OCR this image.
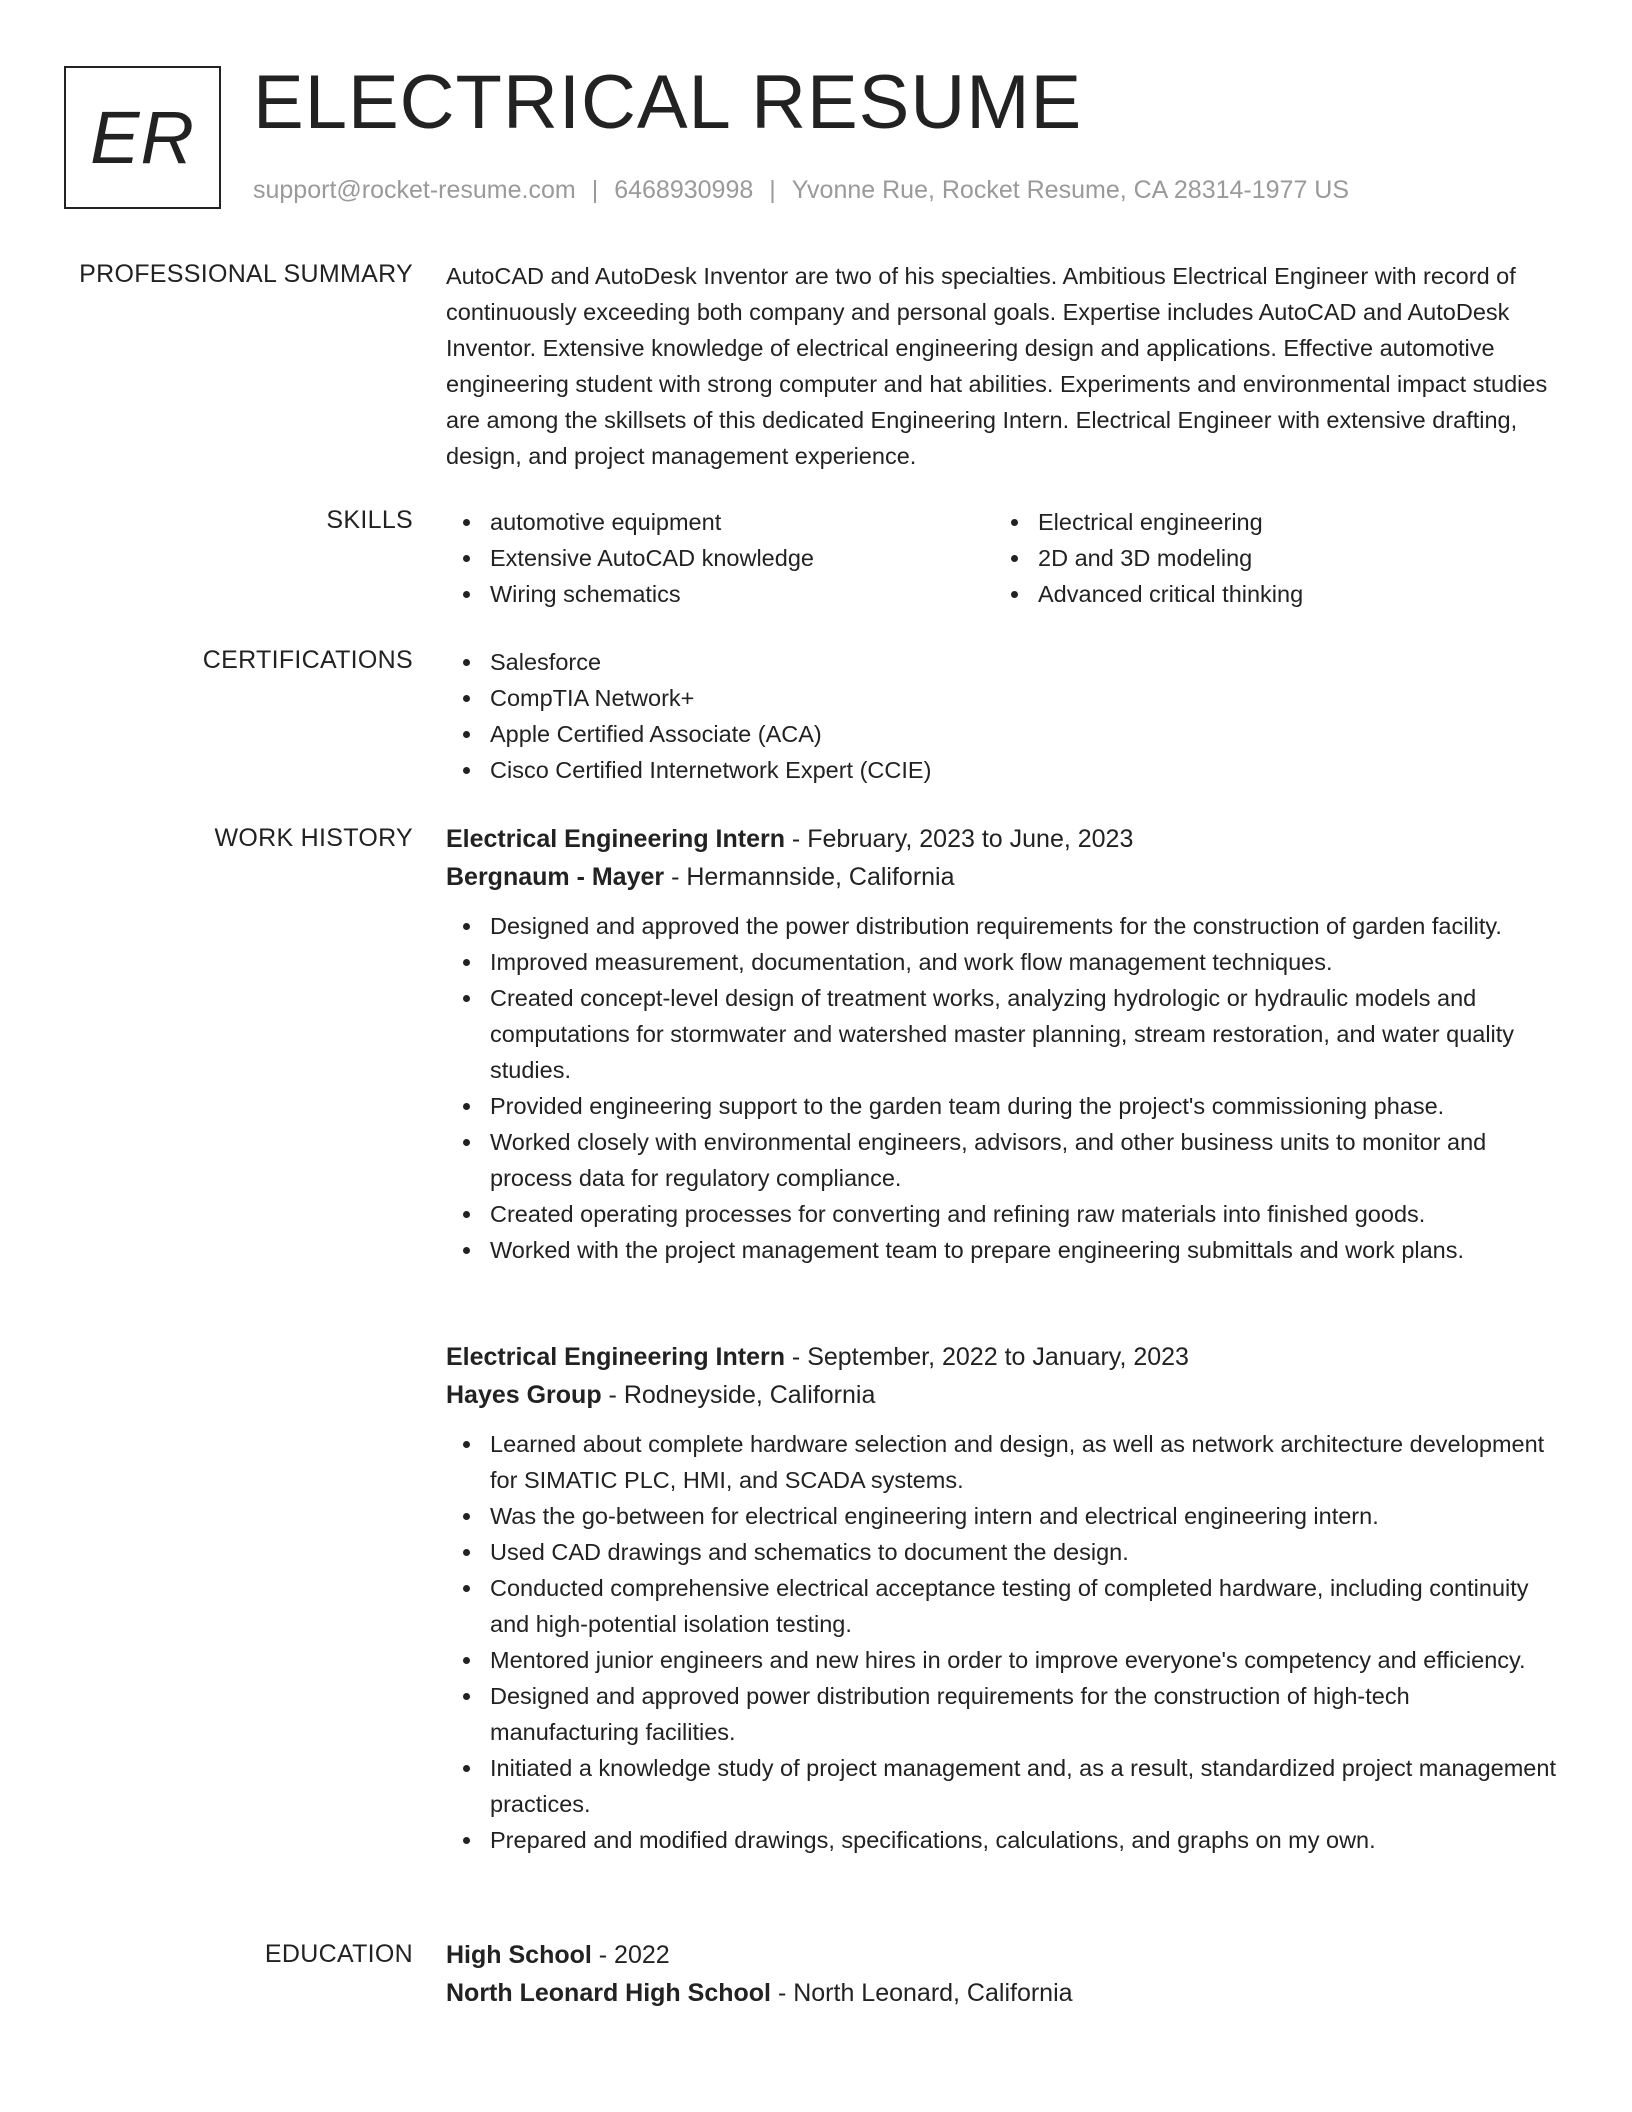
ER ELECTRICAL RESUME
support@rocket-resume.com | 6468930998 | Yvonne Rue, Rocket Resume, CA 28314-1977 US
PROFESSIONAL SUMMARY AutoCAD and AutoDesk Inventor are two of his specialties. Ambitious Electrical Engineer with record of continuously exceeding both company and personal goals. Expertise includes AutoCAD and AutoDesk Inventor. Extensive knowledge of electrical engineering design and applications. Effective automotive engineering student with strong computer and hat abilities. Experiments and environmental impact studies are among the skillsets of this dedicated Engineering Intern. Electrical Engineer with extensive drafting, design, and project management experience.
SKILLS	automotive equipment
Extensive AutoCAD knowledge
Wiring schematics
Electrical engineering
2D and 3D modeling
Advanced critical thinking
CERTIFICATIONS	Salesforce
CompTIA Network+
Apple Certified Associate (ACA)
Cisco Certified Internetwork Expert (CCIE)
WORK HISTORY Electrical Engineering Intern - February, 2023 to June, 2023
Bergnaum - Mayer - Hermannside, California
Designed and approved the power distribution requirements for the construction of garden facility.
Improved measurement, documentation, and work flow management techniques.
Created concept-level design of treatment works, analyzing hydrologic or hydraulic models and computations for stormwater and watershed master planning, stream restoration, and water quality studies.
Provided engineering support to the garden team during the project's commissioning phase.
Worked closely with environmental engineers, advisors, and other business units to monitor and process data for regulatory compliance.
Created operating processes for converting and refining raw materials into finished goods.
Worked with the project management team to prepare engineering submittals and work plans.
Electrical Engineering Intern - September, 2022 to January, 2023
Hayes Group - Rodneyside, California
Learned about complete hardware selection and design, as well as network architecture development for SIMATIC PLC, HMI, and SCADA systems.
Was the go-between for electrical engineering intern and electrical engineering intern.
Used CAD drawings and schematics to document the design.
Conducted comprehensive electrical acceptance testing of completed hardware, including continuity and high-potential isolation testing.
Mentored junior engineers and new hires in order to improve everyone's competency and efficiency.
Designed and approved power distribution requirements for the construction of high-tech manufacturing facilities.
Initiated a knowledge study of project management and, as a result, standardized project management practices.
Prepared and modified drawings, specifications, calculations, and graphs on my own.
EDUCATION High School - 2022
North Leonard High School - North Leonard, California
